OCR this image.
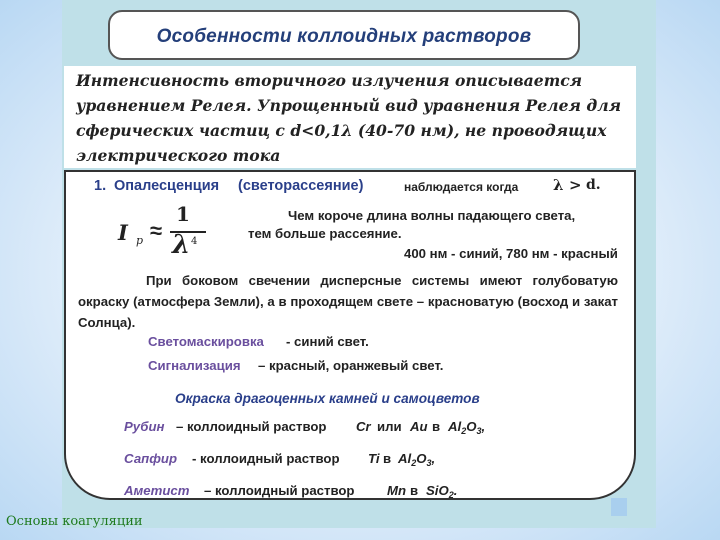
Особенности коллоидных растворов
Интенсивность вторичного излучения описывается уравнением Релея. Упрощенный вид уравнения Релея для сферических частиц с d<0,1λ (40-70 нм), не проводящих электрического тока
1. Опалесценция (светорассеяние)	наблюдается когда λ > d.
I p ≈
1
λ 4
Чем короче длина волны падающего света,
тем больше рассеяние.
400 нм - синий, 780 нм - красный
При боковом свечении дисперсные системы имеют голубоватую окраску (атмосфера Земли), а в проходящем свете – красноватую (восход и закат Солнца).
Светомаскировка - синий свет.
Сигнализация – красный, оранжевый свет.
Окраска драгоценных камней и самоцветов
Рубин – коллоидный раствор Cr или Au в $Al_2O_3$,
Сапфир - коллоидный раствор Ti в $Al_2O_3$,
Аметист – коллоидный раствор Mn в SiO$_2$.
Основы коагуляции
